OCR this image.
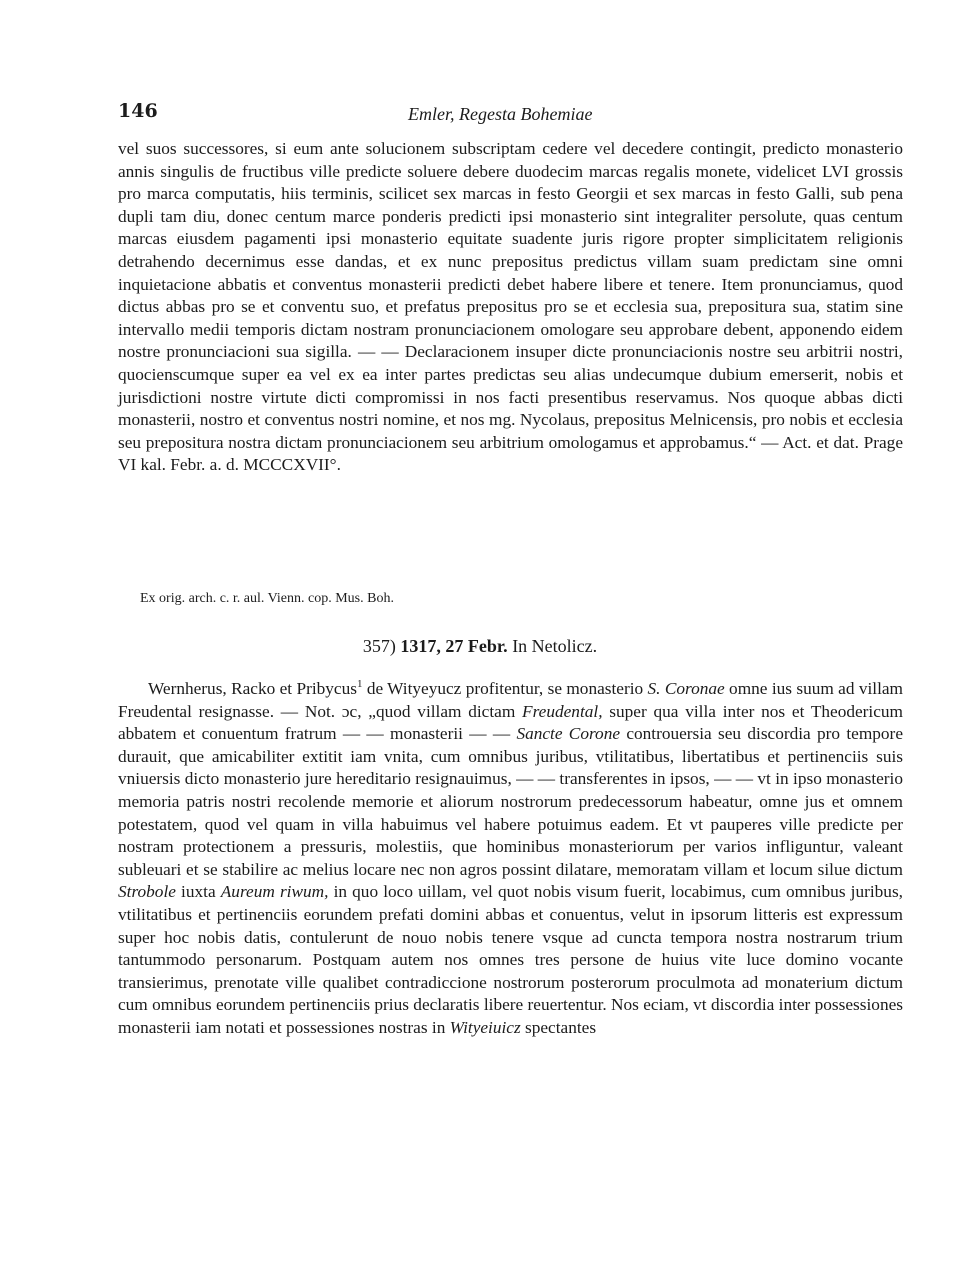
146	Emler, Regesta Bohemiae

vel suos successores, si eum ante solucionem subscriptam cedere vel decedere contingit, predicto monasterio annis singulis de fructibus ville predicte soluere debere duodecim marcas regalis monete, videlicet LVI grossis pro marca computatis, hiis terminis, scilicet sex marcas in festo Georgii et sex marcas in festo Galli, sub pena dupli tam diu, donec centum marce ponderis predicti ipsi monasterio sint integraliter persolute, quas centum marcas eiusdem pagamenti ipsi monasterio equitate suadente juris rigore propter simplicitatem religionis detrahendo decernimus esse dandas, et ex nunc prepositus predictus villam suam predictam sine omni inquietacione abbatis et conventus monasterii predicti debet habere libere et tenere. Item pronunciamus, quod dictus abbas pro se et conventu suo, et prefatus prepositus pro se et ecclesia sua, prepositura sua, statim sine intervallo medii temporis dictam nostram pronunciacionem omologare seu approbare debent, apponendo eidem nostre pronunciacioni sua sigilla. — — Declaracionem insuper dicte pronunciacionis nostre seu arbitrii nostri, quocienscumque super ea vel ex ea inter partes predictas seu alias undecumque dubium emerserit, nobis et jurisdictioni nostre virtute dicti compromissi in nos facti presentibus reservamus. Nos quoque abbas dicti monasterii, nostro et conventus nostri nomine, et nos mg. Nycolaus, prepositus Melnicensis, pro nobis et ecclesia seu prepositura nostra dictam pronunciacionem seu arbitrium omologamus et approbamus.“ — Act. et dat. Prage VI kal. Febr. a. d. MCCCXVII°.

Ex orig. arch. c. r. aul. Vienn. cop. Mus. Boh.

357) 1317, 27 Febr. In Netolicz.

Wernherus, Racko et Pribycus$^1$ de Wityeyucz profitentur, se monasterio S. Coronae omne ius suum ad villam Freudental resignasse. — Not. ɔc, „quod villam dictam Freudental, super qua villa inter nos et Theodericum abbatem et conuentum fratrum — — monasterii — — Sancte Corone controuersia seu discordia pro tempore durauit, que amicabiliter extitit iam vnita, cum omnibus juribus, vtilitatibus, libertatibus et pertinenciis suis vniuersis dicto monasterio jure hereditario resignauimus, — — transferentes in ipsos, — — vt in ipso monasterio memoria patris nostri recolende memorie et aliorum nostrorum predecessorum habeatur, omne jus et omnem potestatem, quod vel quam in villa habuimus vel habere potuimus eadem. Et vt pauperes ville predicte per nostram protectionem a pressuris, molestiis, que hominibus monasteriorum per varios infliguntur, valeant subleuari et se stabilire ac melius locare nec non agros possint dilatare, memoratam villam et locum silue dictum Strobole iuxta Aureum riwum, in quo loco uillam, vel quot nobis visum fuerit, locabimus, cum omnibus juribus, vtilitatibus et pertinenciis eorundem prefati domini abbas et conuentus, velut in ipsorum litteris est expressum super hoc nobis datis, contulerunt de nouo nobis tenere vsque ad cuncta tempora nostra nostrarum trium tantummodo personarum. Postquam autem nos omnes tres persone de huius vite luce domino vocante transierimus, prenotate ville qualibet contradiccione nostrorum posterorum proculmota ad monaterium dictum cum omnibus eorundem pertinenciis prius declaratis libere reuertentur. Nos eciam, vt discordia inter possessiones monasterii iam notati et possessiones nostras in Wityeiuicz spectantes
